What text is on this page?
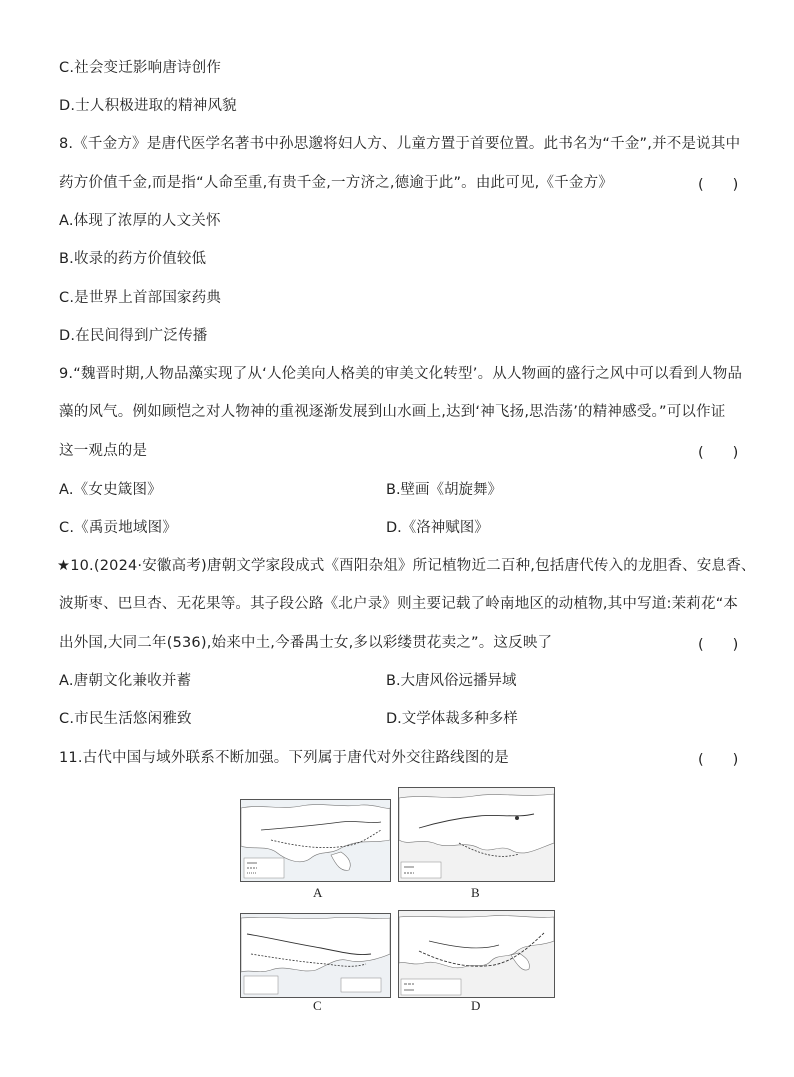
C.社会变迁影响唐诗创作
D.士人积极进取的精神风貌
8.《千金方》是唐代医学名著书中孙思邈将妇人方、儿童方置于首要位置。此书名为“千金”,并不是说其中
药方价值千金,而是指“人命至重,有贵千金,一方济之,德逾于此”。由此可见,《千金方》	(　　)
A.体现了浓厚的人文关怀
B.收录的药方价值较低
C.是世界上首部国家药典
D.在民间得到广泛传播
9.“魏晋时期,人物品藻实现了从‘人伦美向人格美的审美文化转型’。从人物画的盛行之风中可以看到人物品
藻的风气。例如顾恺之对人物神的重视逐渐发展到山水画上,达到‘神飞扬,思浩荡’的精神感受。”可以作证
这一观点的是	(　　)
A.《女史箴图》	B.壁画《胡旋舞》
C.《禹贡地域图》	D.《洛神赋图》
★10.(2024·安徽高考)唐朝文学家段成式《酉阳杂俎》所记植物近二百种,包括唐代传入的龙胆香、安息香、
波斯枣、巴旦杏、无花果等。其子段公路《北户录》则主要记载了岭南地区的动植物,其中写道:茉莉花“本
出外国,大同二年(536),始来中土,今番禺士女,多以彩缕贯花卖之”。这反映了	(　　)
A.唐朝文化兼收并蓄	B.大唐风俗远播异域
C.市民生活悠闲雅致	D.文学体裁多种多样
11.古代中国与域外联系不断加强。下列属于唐代对外交往路线图的是	(　　)
A	B
C	D
